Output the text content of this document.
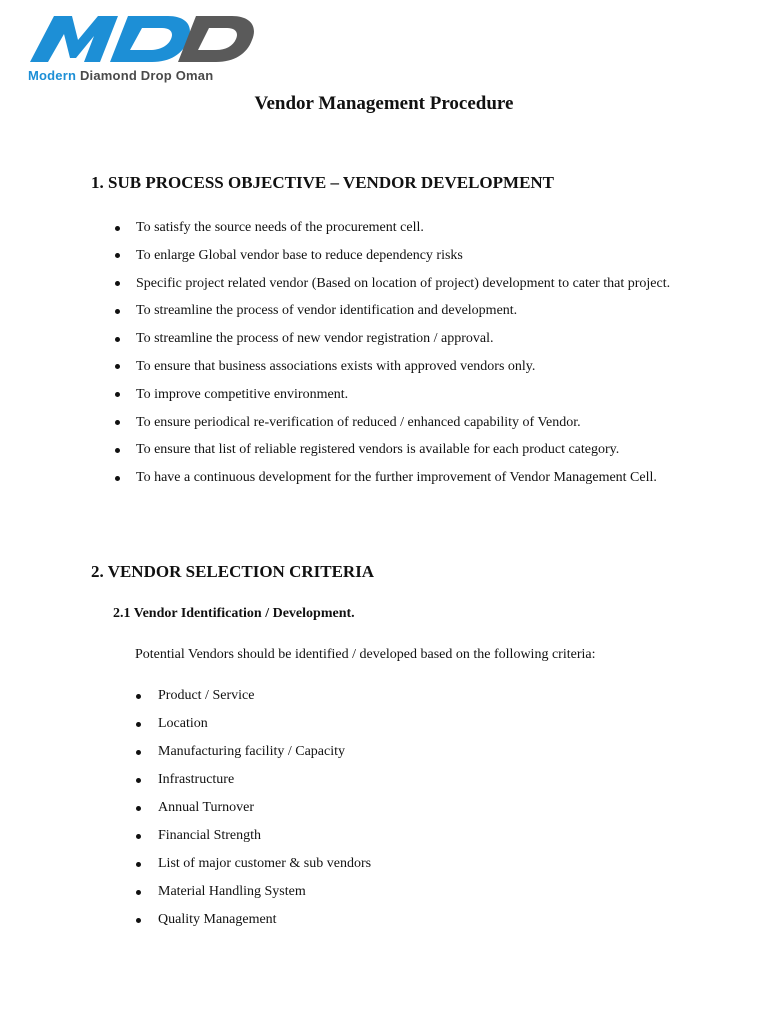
Modern Diamond Drop Oman
Vendor Management Procedure
1. SUB PROCESS OBJECTIVE – VENDOR DEVELOPMENT
To satisfy the source needs of the procurement cell.
To enlarge Global vendor base to reduce dependency risks
Specific project related vendor (Based on location of project) development to cater that project.
To streamline the process of vendor identification and development.
To streamline the process of new vendor registration / approval.
To ensure that business associations exists with approved vendors only.
To improve competitive environment.
To ensure periodical re-verification of reduced / enhanced capability of Vendor.
To ensure that list of reliable registered vendors is available for each product category.
To have a continuous development for the further improvement of Vendor Management Cell.
2. VENDOR SELECTION CRITERIA
2.1 Vendor Identification / Development.
Potential Vendors should be identified / developed based on the following criteria:
Product / Service
Location
Manufacturing facility / Capacity
Infrastructure
Annual Turnover
Financial Strength
List of major customer & sub vendors
Material Handling System
Quality Management
